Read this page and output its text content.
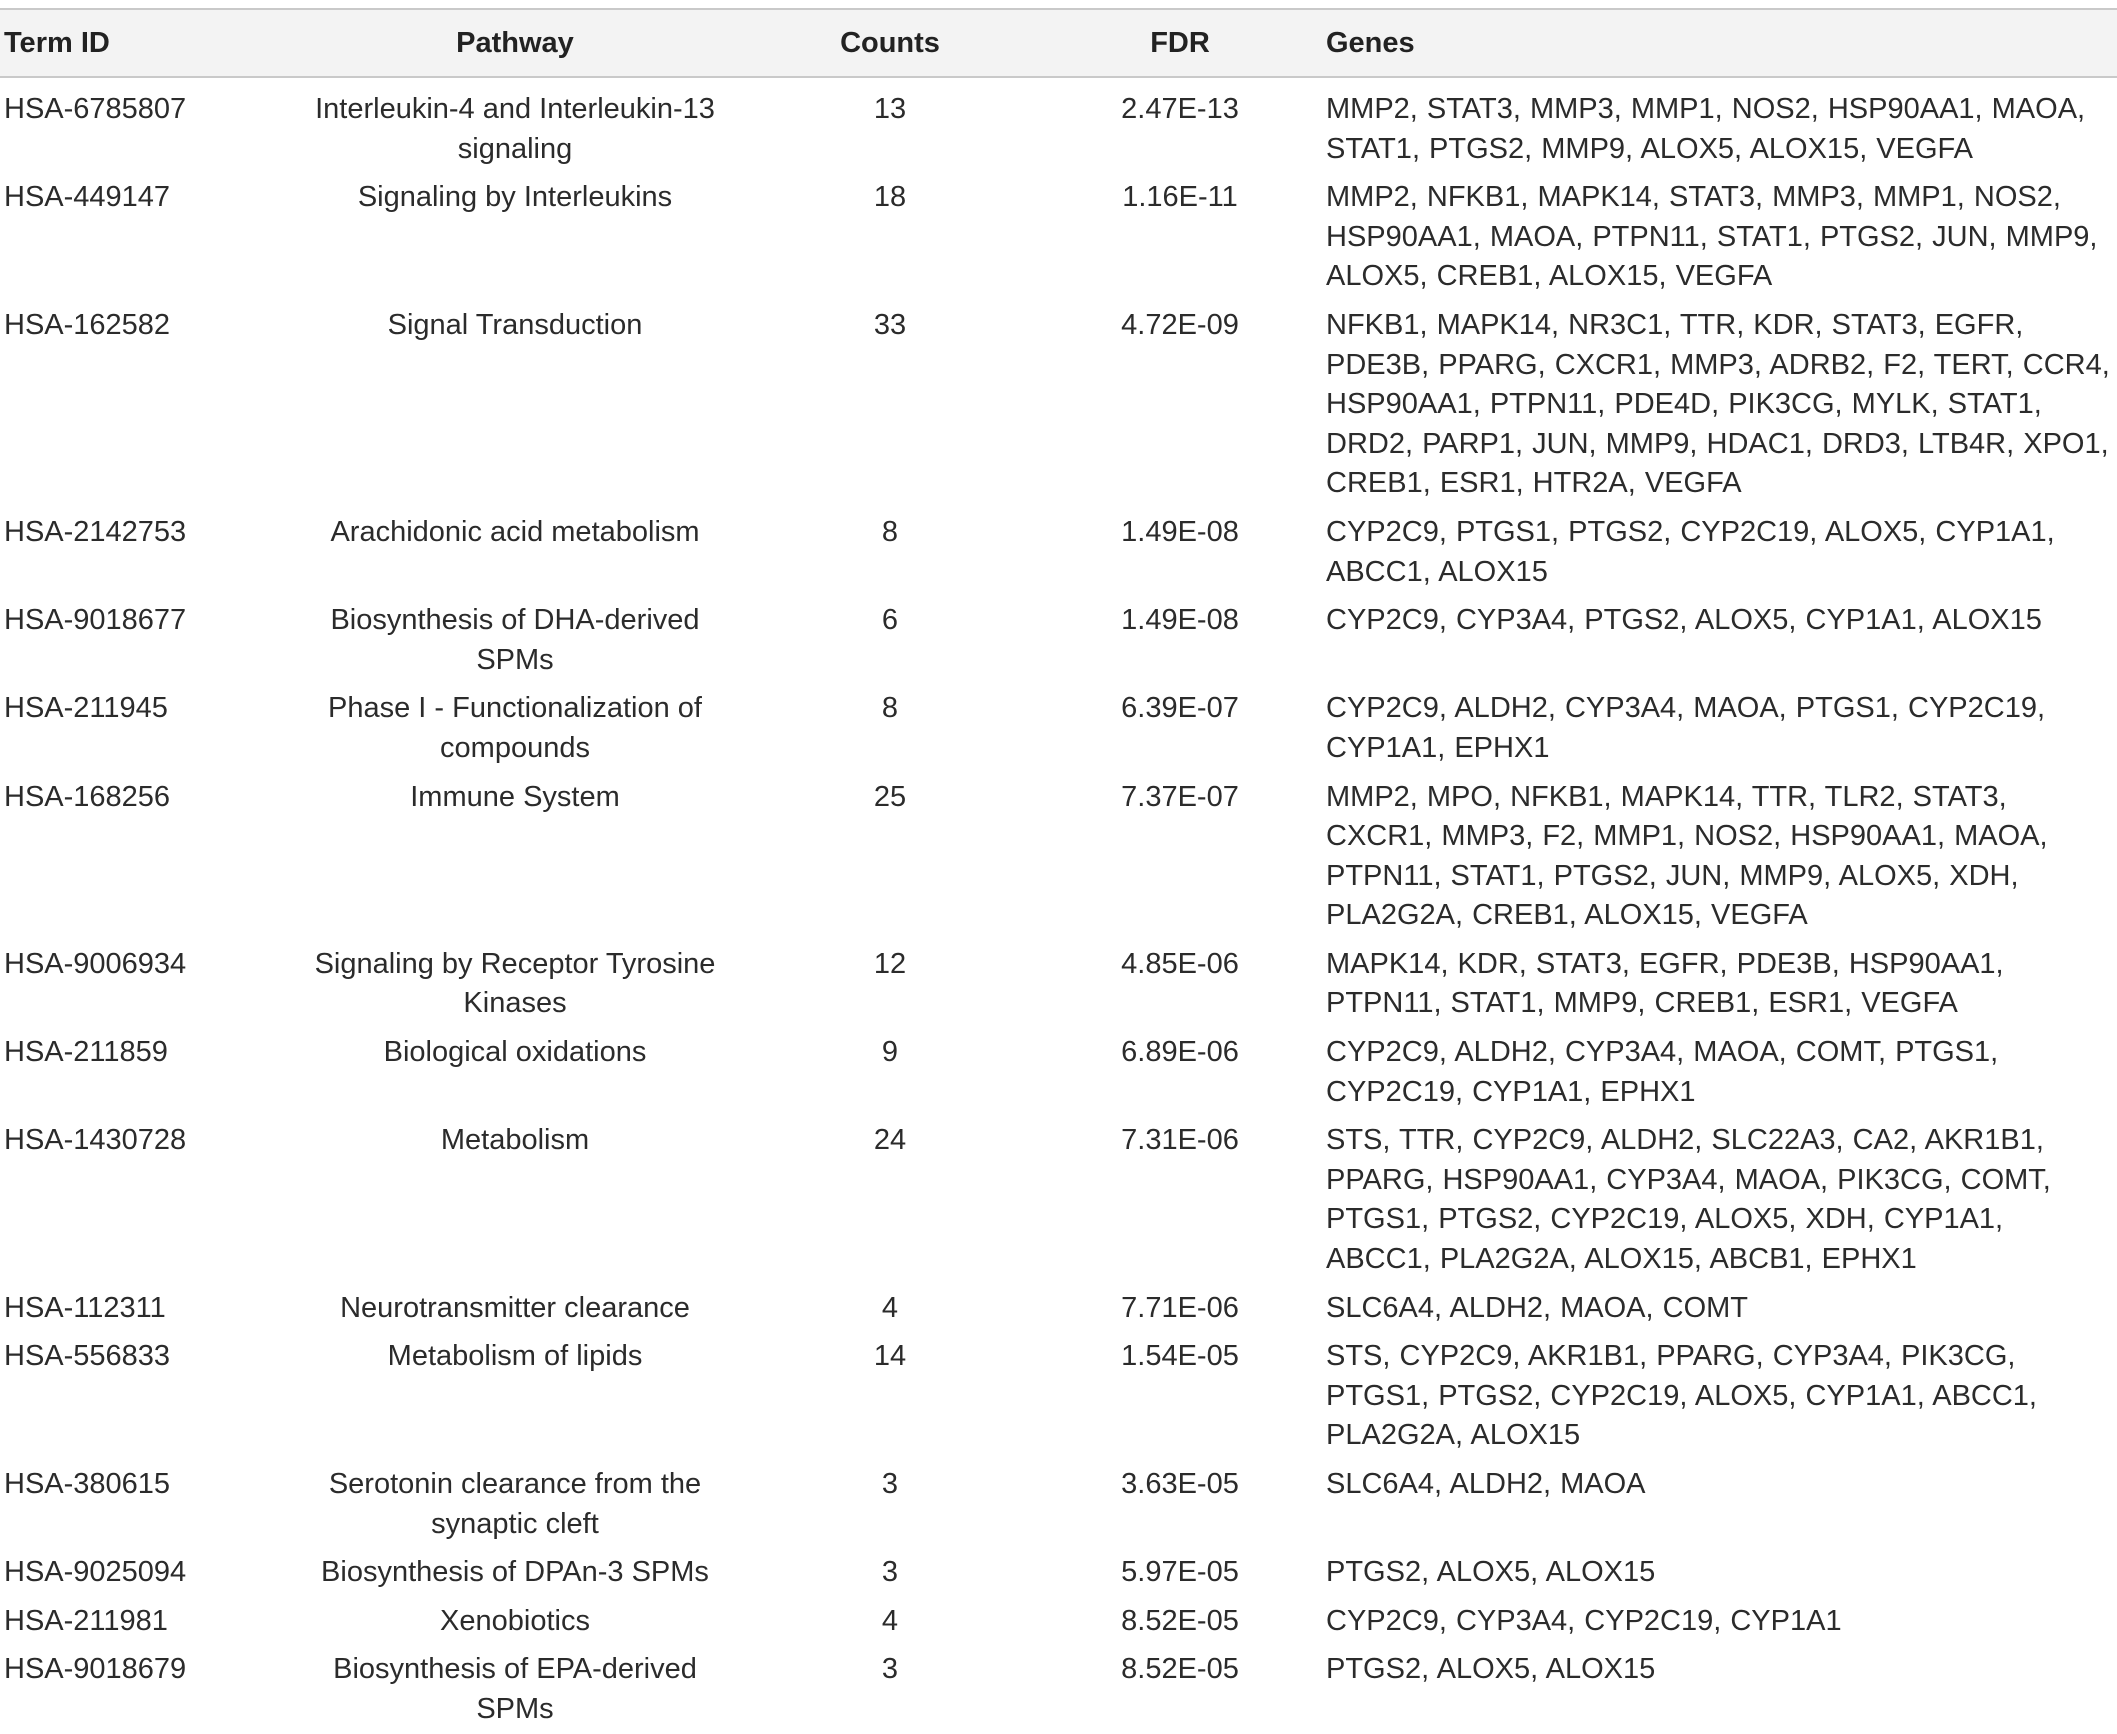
Term ID	Pathway	Counts	FDR	Genes
HSA-6785807	Interleukin-4 and Interleukin-13 signaling	13	2.47E-13	MMP2, STAT3, MMP3, MMP1, NOS2, HSP90AA1, MAOA, STAT1, PTGS2, MMP9, ALOX5, ALOX15, VEGFA
HSA-449147	Signaling by Interleukins	18	1.16E-11	MMP2, NFKB1, MAPK14, STAT3, MMP3, MMP1, NOS2, HSP90AA1, MAOA, PTPN11, STAT1, PTGS2, JUN, MMP9, ALOX5, CREB1, ALOX15, VEGFA
HSA-162582	Signal Transduction	33	4.72E-09	NFKB1, MAPK14, NR3C1, TTR, KDR, STAT3, EGFR, PDE3B, PPARG, CXCR1, MMP3, ADRB2, F2, TERT, CCR4, HSP90AA1, PTPN11, PDE4D, PIK3CG, MYLK, STAT1, DRD2, PARP1, JUN, MMP9, HDAC1, DRD3, LTB4R, XPO1, CREB1, ESR1, HTR2A, VEGFA
HSA-2142753	Arachidonic acid metabolism	8	1.49E-08	CYP2C9, PTGS1, PTGS2, CYP2C19, ALOX5, CYP1A1, ABCC1, ALOX15
HSA-9018677	Biosynthesis of DHA-derived SPMs	6	1.49E-08	CYP2C9, CYP3A4, PTGS2, ALOX5, CYP1A1, ALOX15
HSA-211945	Phase I - Functionalization of compounds	8	6.39E-07	CYP2C9, ALDH2, CYP3A4, MAOA, PTGS1, CYP2C19, CYP1A1, EPHX1
HSA-168256	Immune System	25	7.37E-07	MMP2, MPO, NFKB1, MAPK14, TTR, TLR2, STAT3, CXCR1, MMP3, F2, MMP1, NOS2, HSP90AA1, MAOA, PTPN11, STAT1, PTGS2, JUN, MMP9, ALOX5, XDH, PLA2G2A, CREB1, ALOX15, VEGFA
HSA-9006934	Signaling by Receptor Tyrosine Kinases	12	4.85E-06	MAPK14, KDR, STAT3, EGFR, PDE3B, HSP90AA1, PTPN11, STAT1, MMP9, CREB1, ESR1, VEGFA
HSA-211859	Biological oxidations	9	6.89E-06	CYP2C9, ALDH2, CYP3A4, MAOA, COMT, PTGS1, CYP2C19, CYP1A1, EPHX1
HSA-1430728	Metabolism	24	7.31E-06	STS, TTR, CYP2C9, ALDH2, SLC22A3, CA2, AKR1B1, PPARG, HSP90AA1, CYP3A4, MAOA, PIK3CG, COMT, PTGS1, PTGS2, CYP2C19, ALOX5, XDH, CYP1A1, ABCC1, PLA2G2A, ALOX15, ABCB1, EPHX1
HSA-112311	Neurotransmitter clearance	4	7.71E-06	SLC6A4, ALDH2, MAOA, COMT
HSA-556833	Metabolism of lipids	14	1.54E-05	STS, CYP2C9, AKR1B1, PPARG, CYP3A4, PIK3CG, PTGS1, PTGS2, CYP2C19, ALOX5, CYP1A1, ABCC1, PLA2G2A, ALOX15
HSA-380615	Serotonin clearance from the synaptic cleft	3	3.63E-05	SLC6A4, ALDH2, MAOA
HSA-9025094	Biosynthesis of DPAn-3 SPMs	3	5.97E-05	PTGS2, ALOX5, ALOX15
HSA-211981	Xenobiotics	4	8.52E-05	CYP2C9, CYP3A4, CYP2C19, CYP1A1
HSA-9018679	Biosynthesis of EPA-derived SPMs	3	8.52E-05	PTGS2, ALOX5, ALOX15
